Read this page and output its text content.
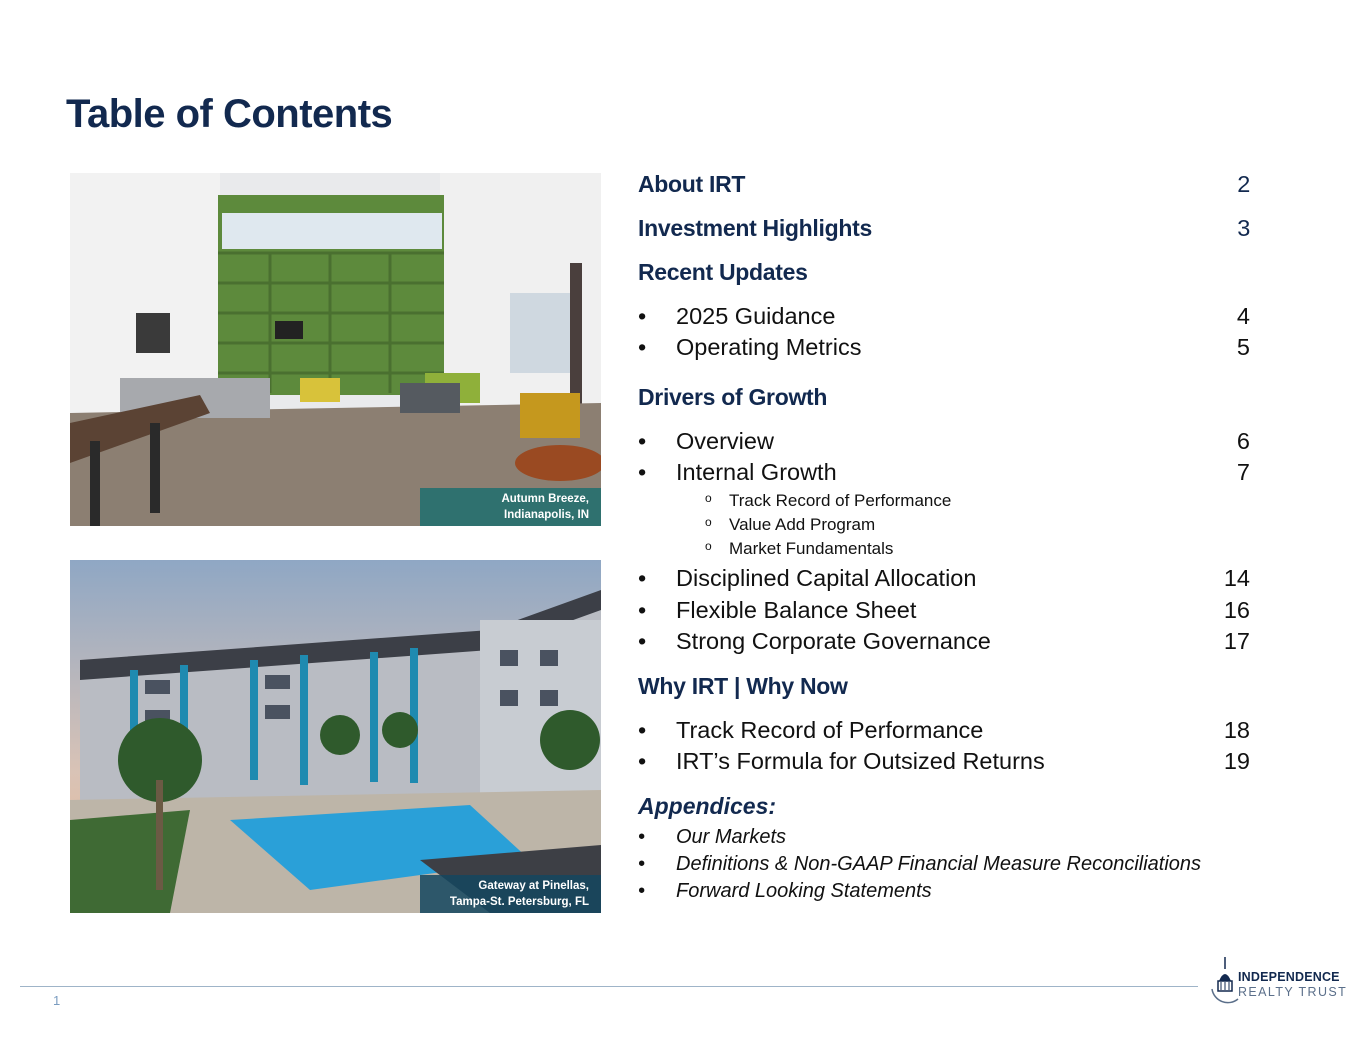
Table of Contents
Autumn Breeze,
Indianapolis, IN
Gateway at Pinellas,
Tampa-St. Petersburg, FL
About IRT	2
Investment Highlights	3
Recent Updates
•	2025 Guidance	4
•	Operating Metrics	5
Drivers of Growth
•	Overview	6
•	Internal Growth	7
o	Track Record of Performance
o	Value Add Program
o	Market Fundamentals
•	Disciplined Capital Allocation	14
•	Flexible Balance Sheet	16
•	Strong Corporate Governance	17
Why IRT | Why Now
•	Track Record of Performance	18
•	IRT’s Formula for Outsized Returns	19
Appendices:
•	Our Markets
•	Definitions & Non-GAAP Financial Measure Reconciliations
•	Forward Looking Statements
1
INDEPENDENCE
REALTY TRUST
